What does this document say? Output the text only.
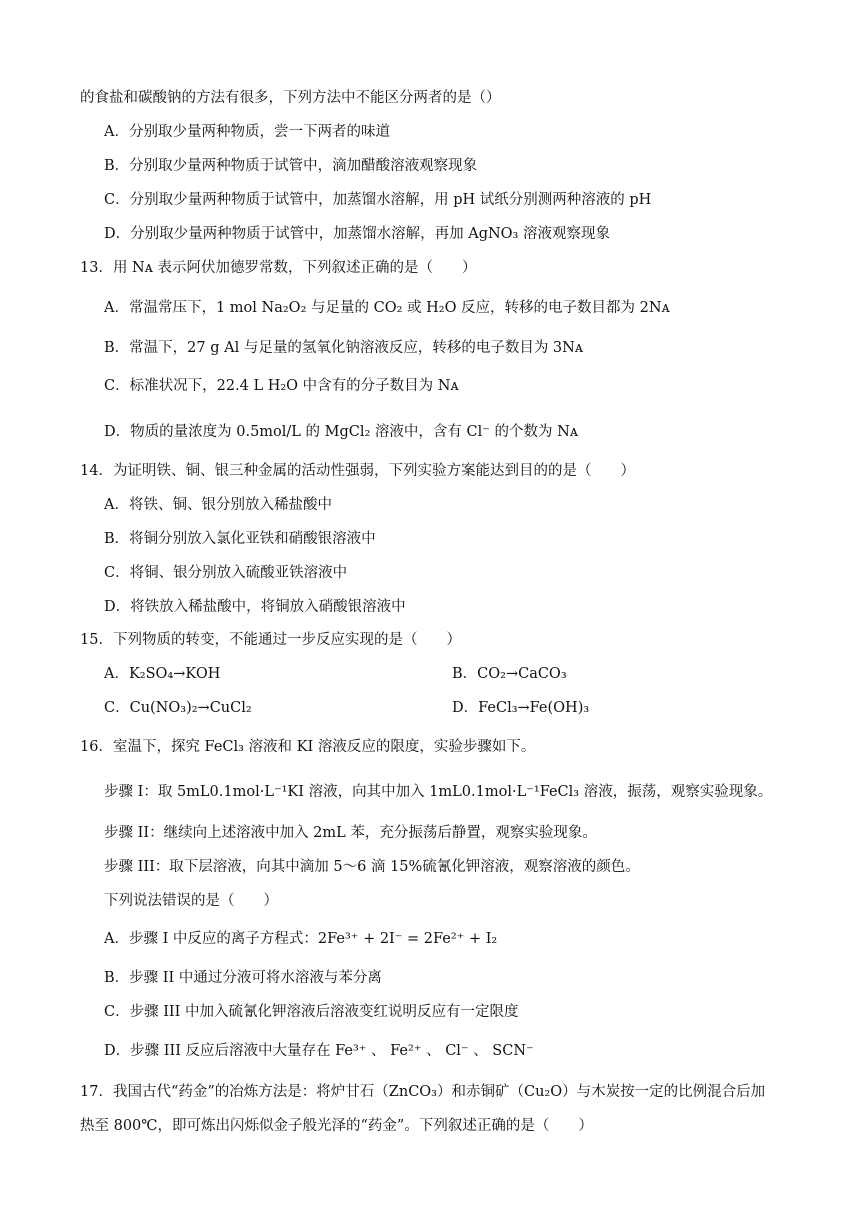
的食盐和碳酸钠的方法有很多，下列方法中不能区分两者的是（）
A．分别取少量两种物质，尝一下两者的味道
B．分别取少量两种物质于试管中，滴加醋酸溶液观察现象
C．分别取少量两种物质于试管中，加蒸馏水溶解，用 pH 试纸分别测两种溶液的 pH
D．分别取少量两种物质于试管中，加蒸馏水溶解，再加 AgNO₃ 溶液观察现象
13．用 Nᴀ 表示阿伏加德罗常数，下列叙述正确的是（　　）
A．常温常压下，1 mol Na₂O₂ 与足量的 CO₂ 或 H₂O 反应，转移的电子数目都为 2Nᴀ
B．常温下，27 g Al 与足量的氢氧化钠溶液反应，转移的电子数目为 3Nᴀ
C．标准状况下，22.4 L H₂O 中含有的分子数目为 Nᴀ
D．物质的量浓度为 0.5mol/L 的 MgCl₂ 溶液中，含有 Cl⁻ 的个数为 Nᴀ
14．为证明铁、铜、银三种金属的活动性强弱，下列实验方案能达到目的的是（　　）
A．将铁、铜、银分别放入稀盐酸中
B．将铜分别放入氯化亚铁和硝酸银溶液中
C．将铜、银分别放入硫酸亚铁溶液中
D．将铁放入稀盐酸中，将铜放入硝酸银溶液中
15．下列物质的转变，不能通过一步反应实现的是（　　）
A．K₂SO₄→KOH	B．CO₂→CaCO₃
C．Cu(NO₃)₂→CuCl₂	D．FeCl₃→Fe(OH)₃
16．室温下，探究 FeCl₃ 溶液和 KI 溶液反应的限度，实验步骤如下。
步骤 I：取 5mL0.1mol·L⁻¹KI 溶液，向其中加入 1mL0.1mol·L⁻¹FeCl₃ 溶液，振荡，观察实验现象。
步骤 II：继续向上述溶液中加入 2mL 苯，充分振荡后静置，观察实验现象。
步骤 III：取下层溶液，向其中滴加 5～6 滴 15%硫氰化钾溶液，观察溶液的颜色。
下列说法错误的是（　　）
A．步骤 I 中反应的离子方程式：2Fe³⁺ + 2I⁻ = 2Fe²⁺ + I₂
B．步骤 II 中通过分液可将水溶液与苯分离
C．步骤 III 中加入硫氰化钾溶液后溶液变红说明反应有一定限度
D．步骤 III 反应后溶液中大量存在 Fe³⁺ 、 Fe²⁺ 、 Cl⁻ 、 SCN⁻
17．我国古代“药金”的冶炼方法是：将炉甘石（ZnCO₃）和赤铜矿（Cu₂O）与木炭按一定的比例混合后加
热至 800℃，即可炼出闪烁似金子般光泽的“药金”。下列叙述正确的是（　　）
